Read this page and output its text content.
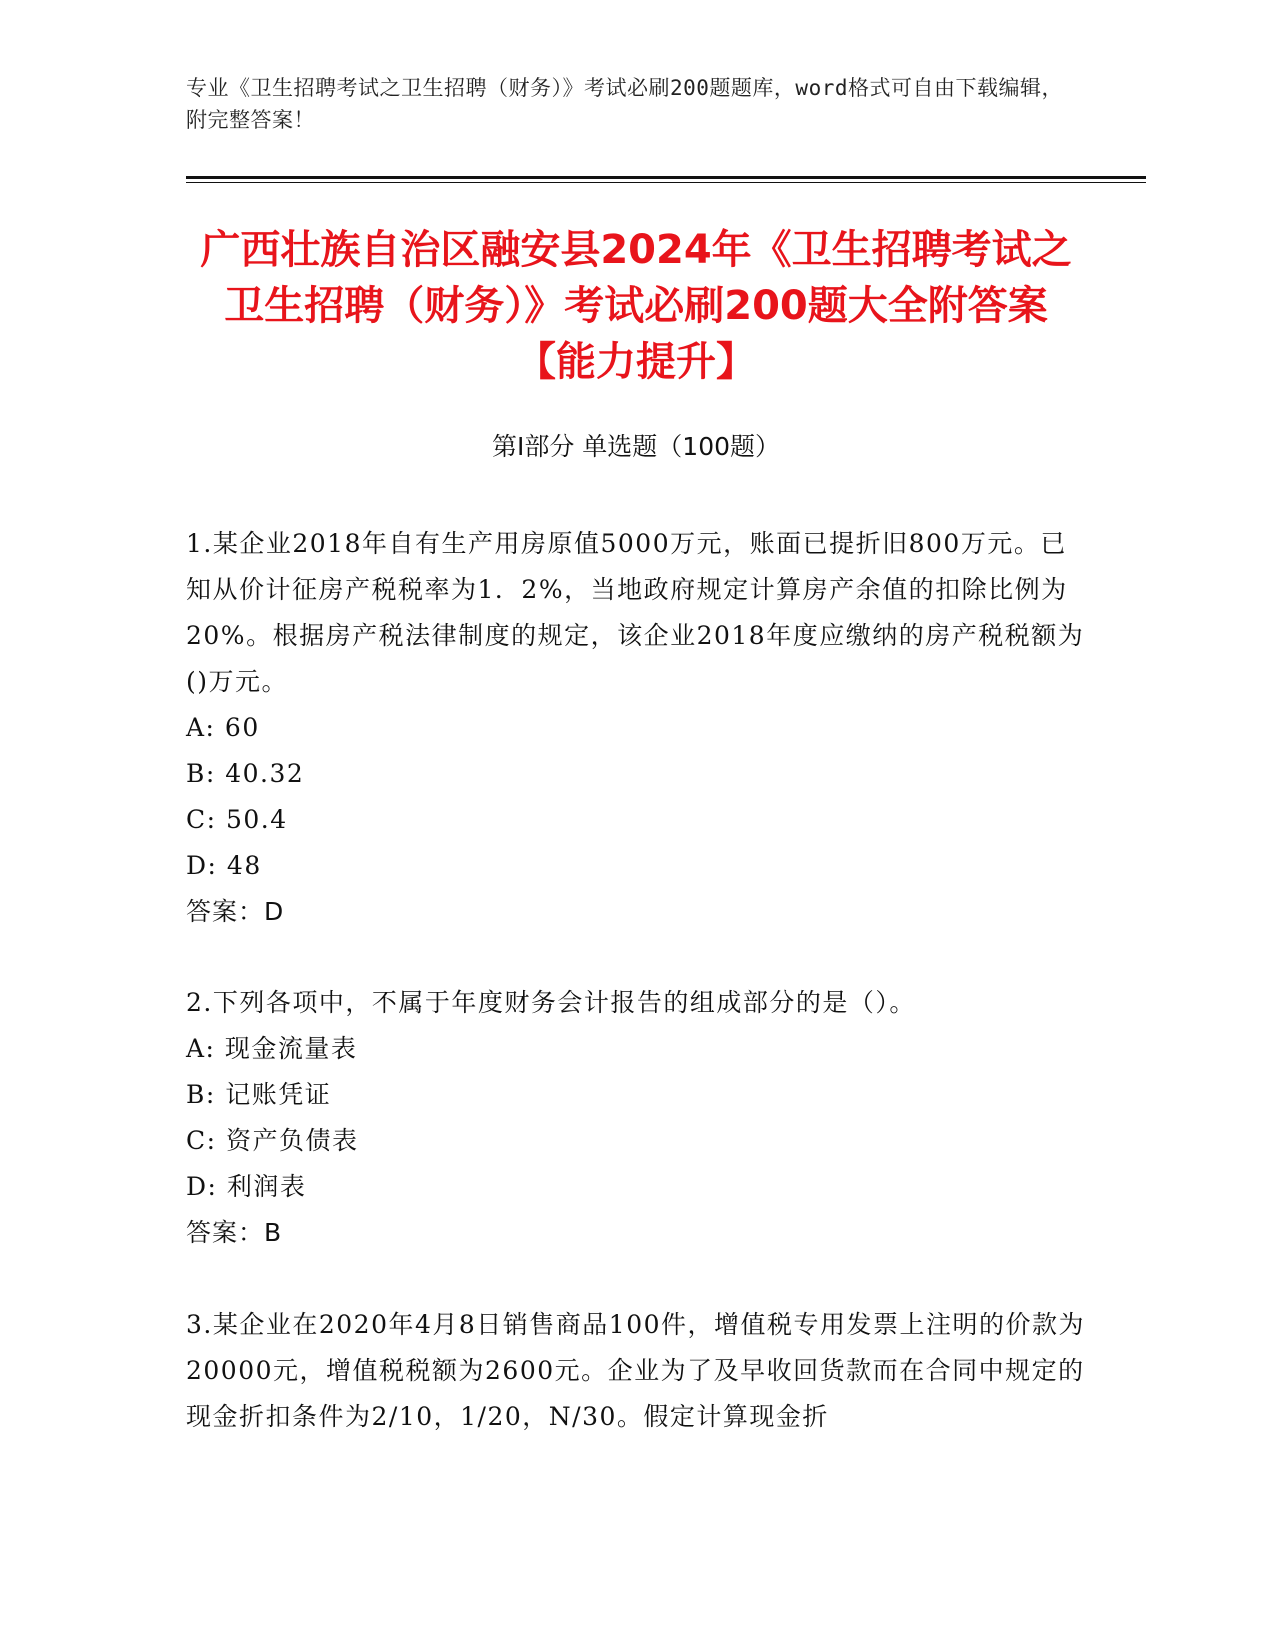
专业《卫生招聘考试之卫生招聘（财务）》考试必刷200题题库，word格式可自由下载编辑，附完整答案！
广西壮族自治区融安县2024年《卫生招聘考试之卫生招聘（财务）》考试必刷200题大全附答案【能力提升】
第I部分 单选题（100题）
1.某企业2018年自有生产用房原值5000万元，账面已提折旧800万元。已知从价计征房产税税率为1．2%，当地政府规定计算房产余值的扣除比例为20%。根据房产税法律制度的规定，该企业2018年度应缴纳的房产税税额为()万元。
A: 60
B: 40.32
C: 50.4
D: 48
答案：D
2.下列各项中，不属于年度财务会计报告的组成部分的是（）。
A: 现金流量表
B: 记账凭证
C: 资产负债表
D: 利润表
答案：B
3.某企业在2020年4月8日销售商品100件，增值税专用发票上注明的价款为20000元，增值税税额为2600元。企业为了及早收回货款而在合同中规定的现金折扣条件为2/10，1/20，N/30。假定计算现金折
